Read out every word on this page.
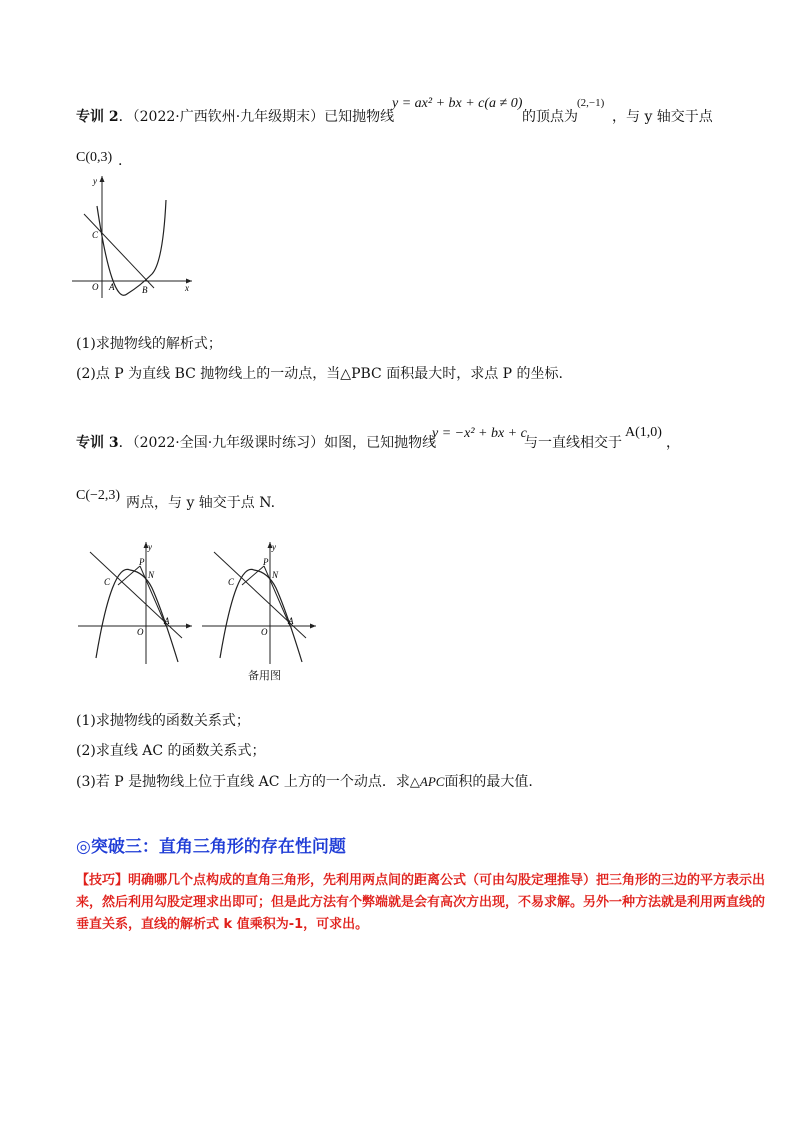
专训 2．（2022·广西钦州·九年级期末）已知抛物线
y = ax² + bx + c(a ≠ 0)
的顶点为
(2,−1)
，与 y 轴交于点
C(0,3) .
x
y
C
O A	B
(1)求抛物线的解析式；
(2)点 P 为直线 BC 抛物线上的一动点，当△PBC 面积最大时，求点 P 的坐标.
专训 3．（2022·全国·九年级课时练习）如图，已知抛物线
y = −x² + bx + c
与一直线相交于
A(1,0)
，
C(−2,3) 两点，与 y 轴交于点 N.
y
P
C
N
O
A
y
P
C
N
O
A
备用图
(1)求抛物线的函数关系式；
(2)求直线 AC 的函数关系式；
(3)若 P 是抛物线上位于直线 AC 上方的一个动点．求△APC面积的最大值.
◎突破三：直角三角形的存在性问题
【技巧】明确哪几个点构成的直角三角形，先利用两点间的距离公式（可由勾股定理推导）把三角形的三边的平方表示出来，然后利用勾股定理求出即可；但是此方法有个弊端就是会有高次方出现，不易求解。另外一种方法就是利用两直线的垂直关系，直线的解析式 k 值乘积为-1，可求出。
